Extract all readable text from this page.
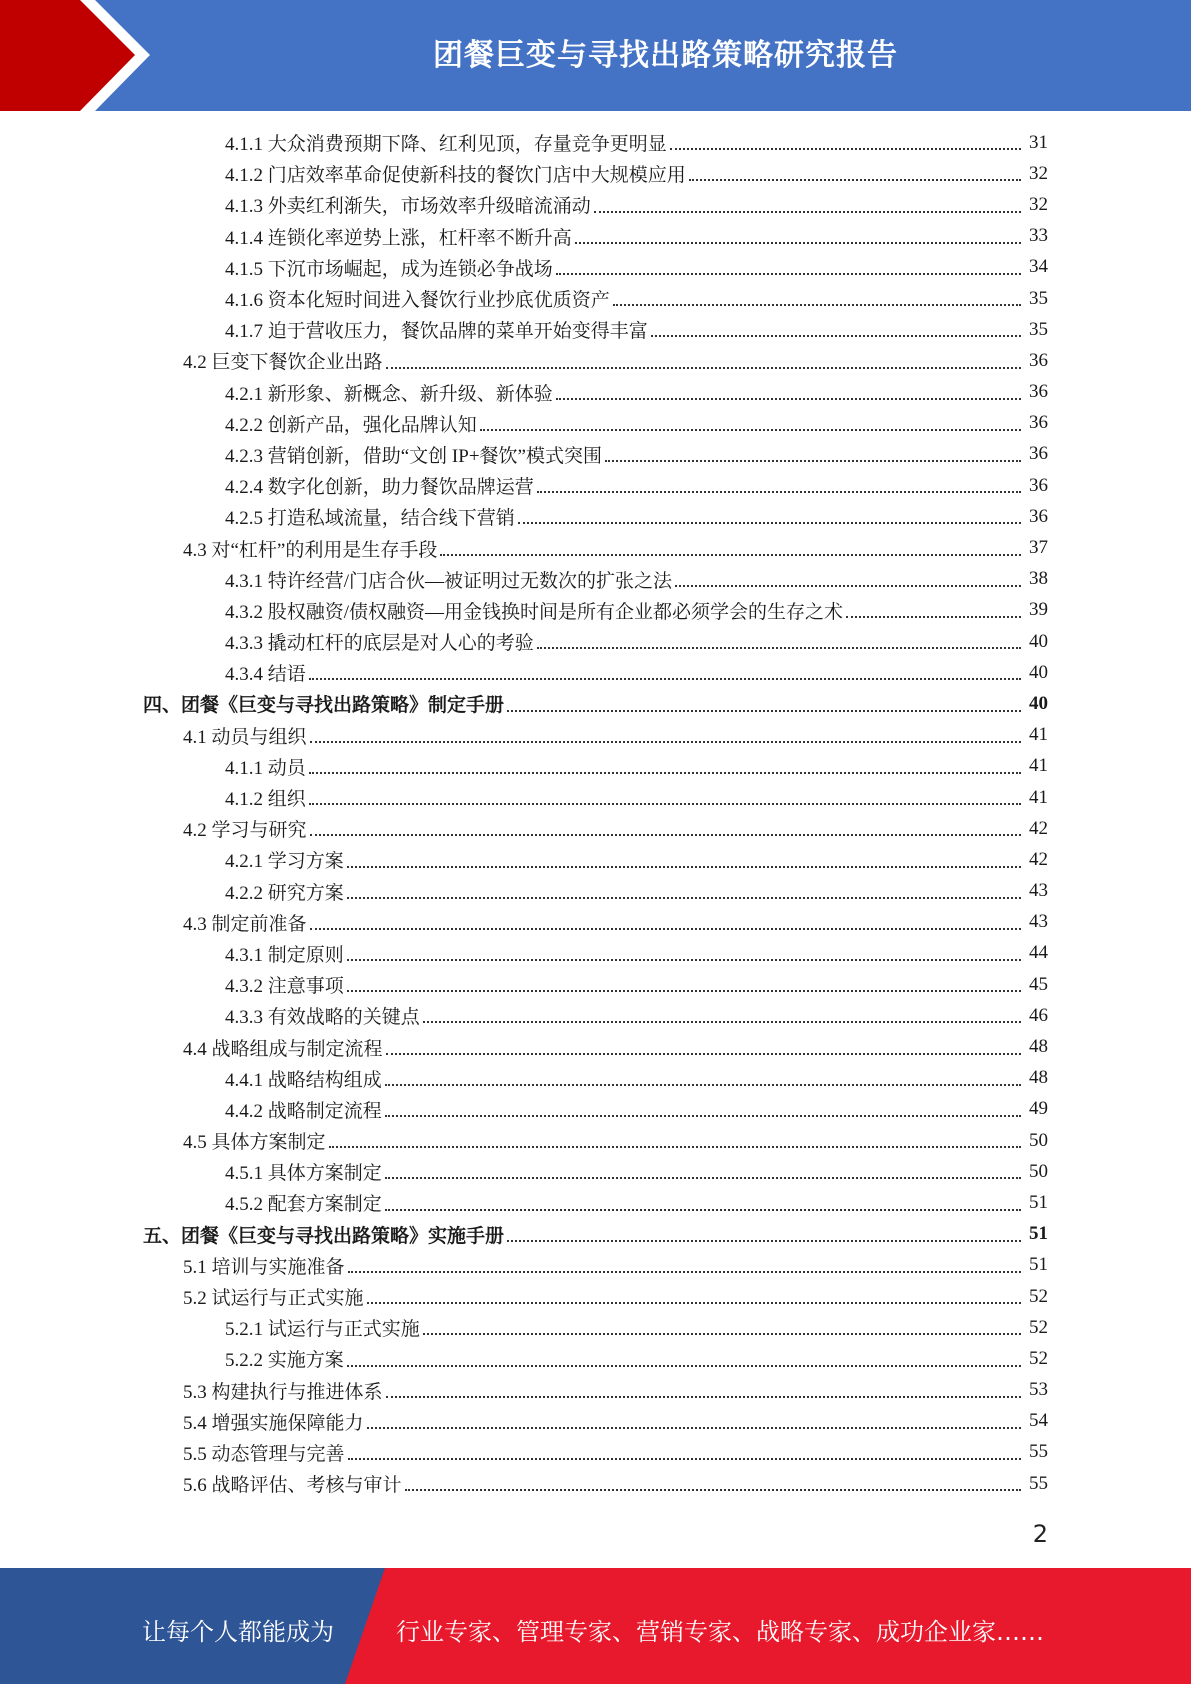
团餐巨变与寻找出路策略研究报告
4.1.1 大众消费预期下降、红利见顶，存量竞争更明显	31
4.1.2 门店效率革命促使新科技的餐饮门店中大规模应用	32
4.1.3 外卖红利渐失，市场效率升级暗流涌动	32
4.1.4 连锁化率逆势上涨，杠杆率不断升高	33
4.1.5 下沉市场崛起，成为连锁必争战场	34
4.1.6 资本化短时间进入餐饮行业抄底优质资产	35
4.1.7 迫于营收压力，餐饮品牌的菜单开始变得丰富	35
4.2 巨变下餐饮企业出路	36
4.2.1 新形象、新概念、新升级、新体验	36
4.2.2 创新产品，强化品牌认知	36
4.2.3 营销创新，借助“文创 IP+餐饮”模式突围	36
4.2.4 数字化创新，助力餐饮品牌运营	36
4.2.5 打造私域流量，结合线下营销	36
4.3 对“杠杆”的利用是生存手段	37
4.3.1 特许经营/门店合伙—被证明过无数次的扩张之法	38
4.3.2 股权融资/债权融资—用金钱换时间是所有企业都必须学会的生存之术	39
4.3.3 撬动杠杆的底层是对人心的考验	40
4.3.4 结语	40
四、团餐《巨变与寻找出路策略》制定手册	40
4.1 动员与组织	41
4.1.1 动员	41
4.1.2 组织	41
4.2 学习与研究	42
4.2.1 学习方案	42
4.2.2 研究方案	43
4.3 制定前准备	43
4.3.1 制定原则	44
4.3.2 注意事项	45
4.3.3 有效战略的关键点	46
4.4 战略组成与制定流程	48
4.4.1 战略结构组成	48
4.4.2 战略制定流程	49
4.5 具体方案制定	50
4.5.1 具体方案制定	50
4.5.2 配套方案制定	51
五、团餐《巨变与寻找出路策略》实施手册	51
5.1 培训与实施准备	51
5.2 试运行与正式实施	52
5.2.1 试运行与正式实施	52
5.2.2 实施方案	52
5.3 构建执行与推进体系	53
5.4 增强实施保障能力	54
5.5 动态管理与完善	55
5.6 战略评估、考核与审计	55
2
让每个人都能成为	行业专家、管理专家、营销专家、战略专家、成功企业家……
